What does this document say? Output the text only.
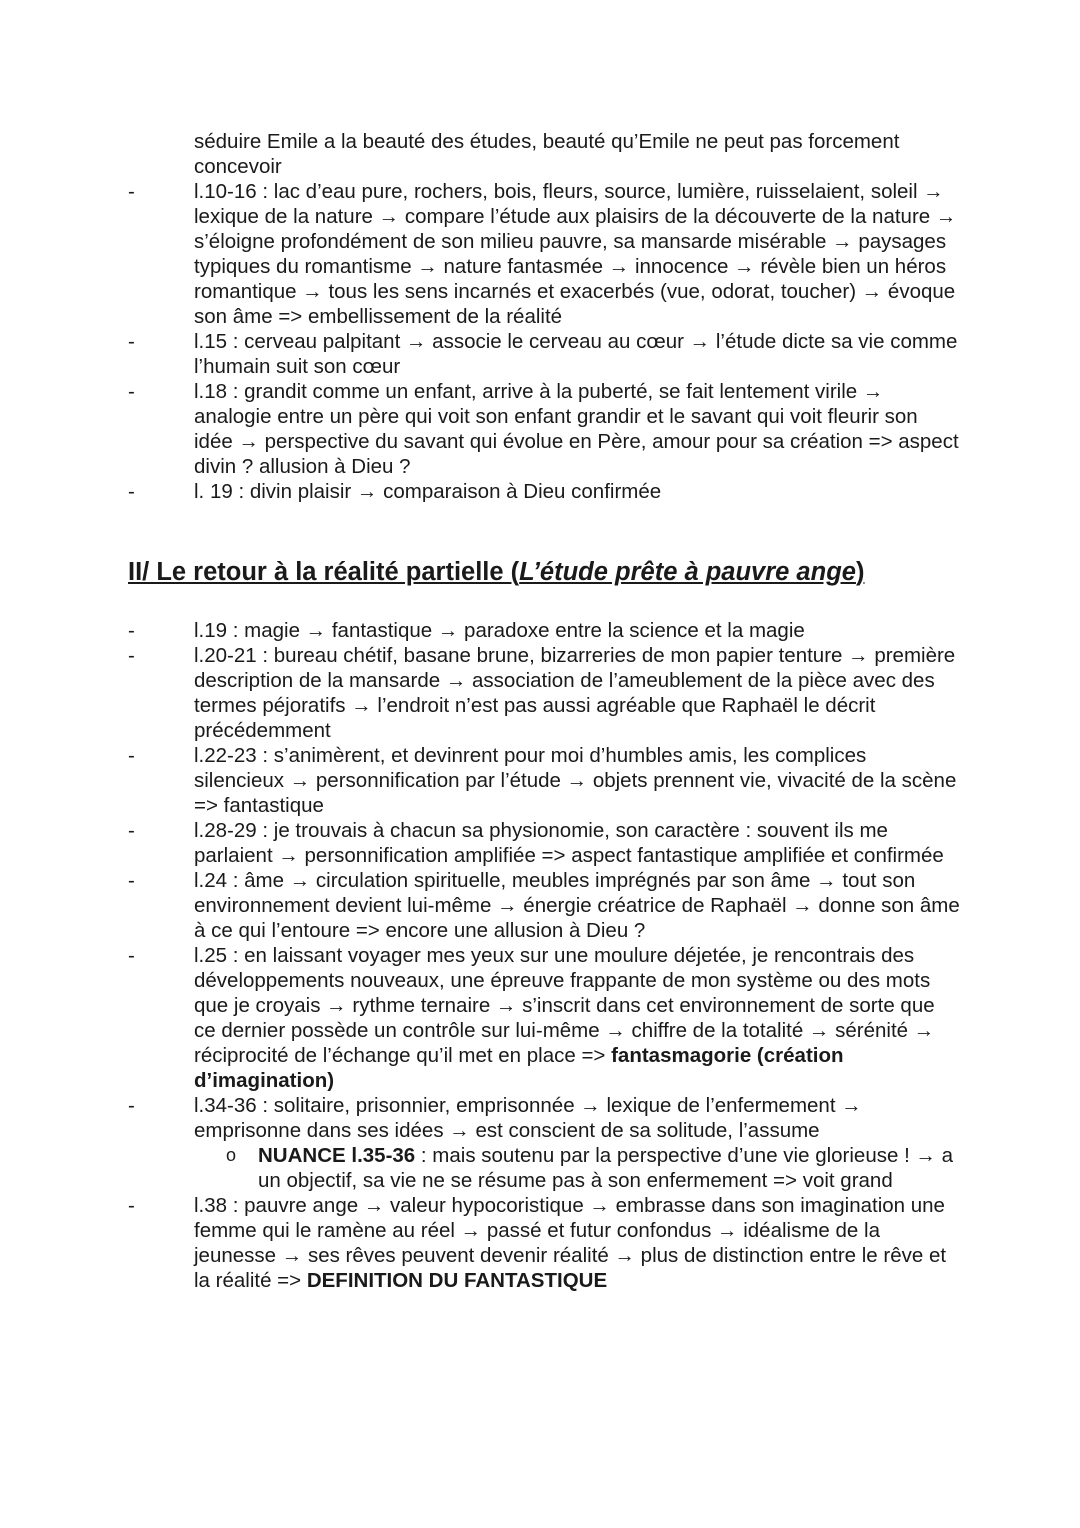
séduire Emile a la beauté des études, beauté qu’Emile ne peut pas forcement concevoir
-	l.10-16 : lac d’eau pure, rochers, bois, fleurs, source, lumière, ruisselaient, soleil → lexique de la nature → compare l’étude aux plaisirs de la découverte de la nature → s’éloigne profondément de son milieu pauvre, sa mansarde misérable → paysages typiques du romantisme → nature fantasmée → innocence → révèle bien un héros romantique → tous les sens incarnés et exacerbés (vue, odorat, toucher) → évoque son âme => embellissement de la réalité
-	l.15 : cerveau palpitant → associe le cerveau au cœur → l’étude dicte sa vie comme l’humain suit son cœur
-	l.18 : grandit comme un enfant, arrive à la puberté, se fait lentement virile → analogie entre un père qui voit son enfant grandir et le savant qui voit fleurir son idée → perspective du savant qui évolue en Père, amour pour sa création => aspect divin ? allusion à Dieu ?
-	l. 19 : divin plaisir → comparaison à Dieu confirmée
II/ Le retour à la réalité partielle (L’étude prête à pauvre ange)
-	l.19 : magie → fantastique → paradoxe entre la science et la magie
-	l.20-21 : bureau chétif, basane brune, bizarreries de mon papier tenture → première description de la mansarde → association de l’ameublement de la pièce avec des termes péjoratifs → l’endroit n’est pas aussi agréable que Raphaël le décrit précédemment
-	l.22-23 : s’animèrent, et devinrent pour moi d’humbles amis, les complices silencieux → personnification par l’étude → objets prennent vie, vivacité de la scène => fantastique
-	l.28-29 : je trouvais à chacun sa physionomie, son caractère : souvent ils me parlaient → personnification amplifiée => aspect fantastique amplifiée et confirmée
-	l.24 : âme → circulation spirituelle, meubles imprégnés par son âme → tout son environnement devient lui-même → énergie créatrice de Raphaël → donne son âme à ce qui l’entoure => encore une allusion à Dieu ?
-	l.25 : en laissant voyager mes yeux sur une moulure déjetée, je rencontrais des développements nouveaux, une épreuve frappante de mon système ou des mots que je croyais → rythme ternaire → s’inscrit dans cet environnement de sorte que ce dernier possède un contrôle sur lui-même → chiffre de la totalité → sérénité → réciprocité de l’échange qu’il met en place => fantasmagorie (création d’imagination)
-	l.34-36 : solitaire, prisonnier, emprisonnée → lexique de l’enfermement → emprisonne dans ses idées → est conscient de sa solitude, l’assume
o NUANCE l.35-36 : mais soutenu par la perspective d’une vie glorieuse ! → a un objectif, sa vie ne se résume pas à son enfermement => voit grand
-	l.38 : pauvre ange → valeur hypocoristique → embrasse dans son imagination une femme qui le ramène au réel → passé et futur confondus → idéalisme de la jeunesse → ses rêves peuvent devenir réalité → plus de distinction entre le rêve et la réalité => DEFINITION DU FANTASTIQUE
